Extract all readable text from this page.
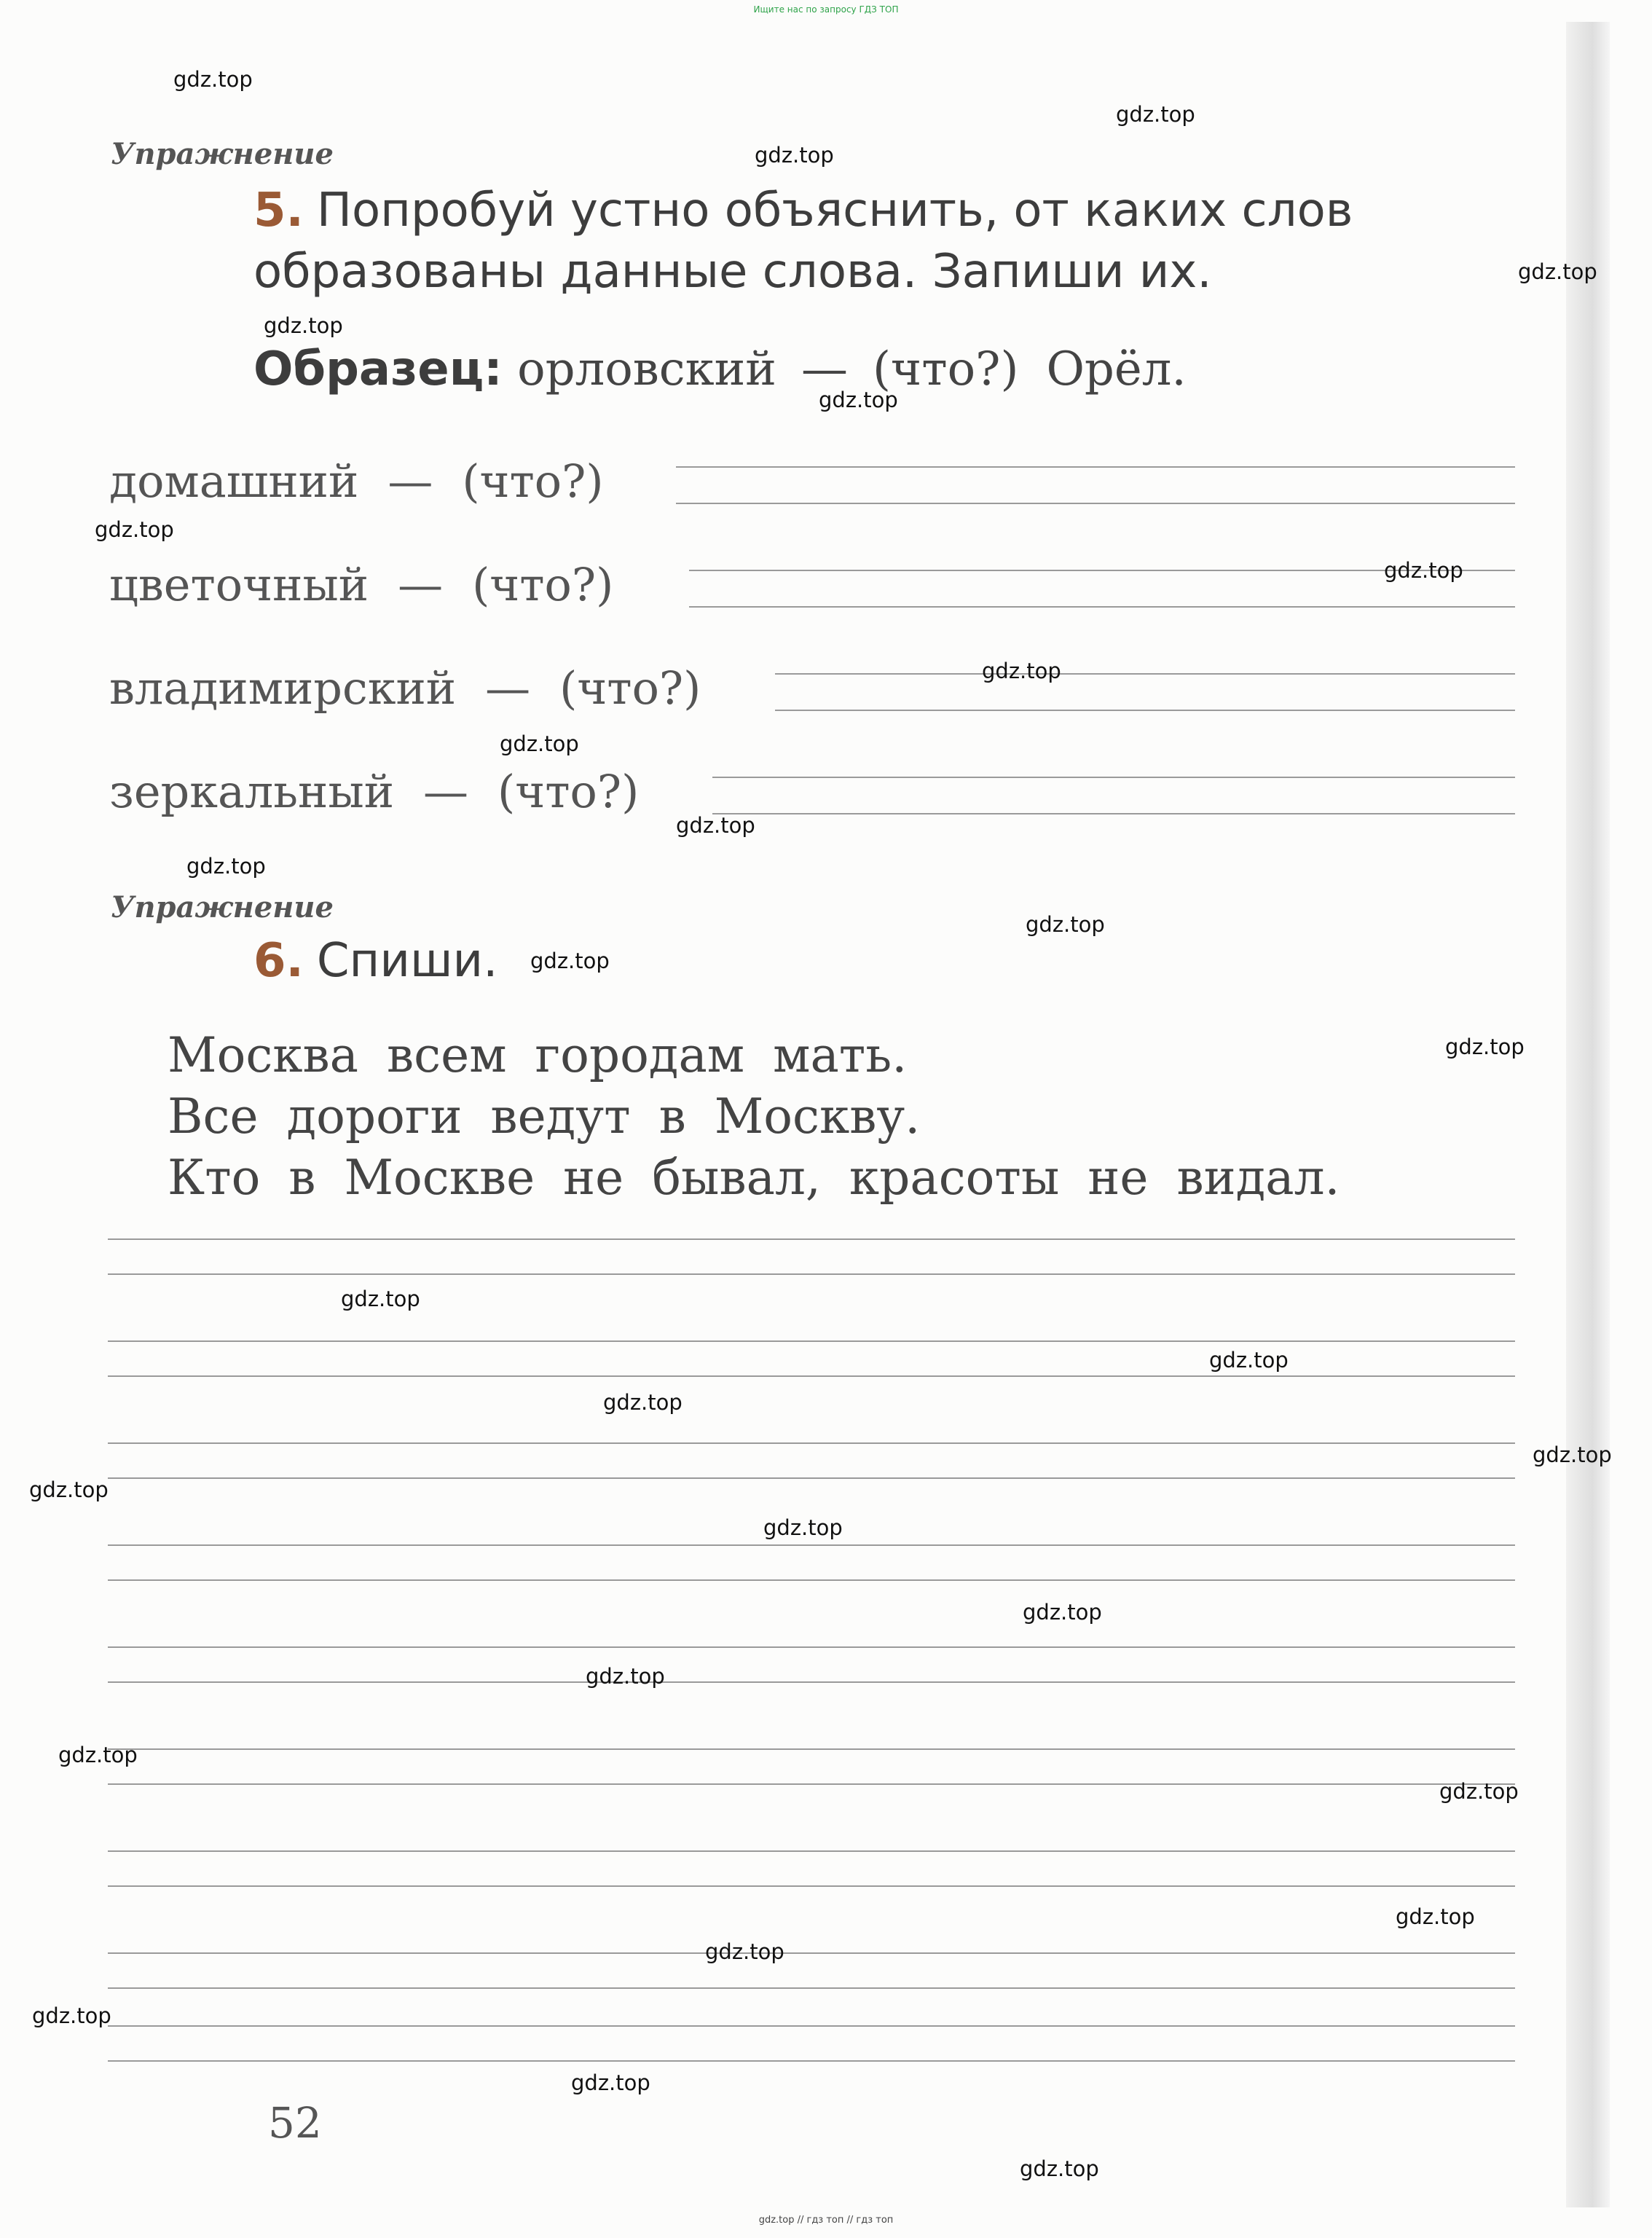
Ищите нас по запросу ГДЗ ТОП
Упражнение
5. Попробуй устно объяснить, от каких слов
образованы данные слова. Запиши их.
Образец: орловский — (что?) Орёл.
домашний — (что?)
цветочный — (что?)
владимирский — (что?)
зеркальный — (что?)
Упражнение
6. Спиши.
Москва всем городам мать.
Все дороги ведут в Москву.
Кто в Москве не бывал, красоты не видал.
52
gdz.top
gdz.top
gdz.top
gdz.top
gdz.top
gdz.top
gdz.top
gdz.top
gdz.top
gdz.top
gdz.top
gdz.top
gdz.top
gdz.top
gdz.top
gdz.top
gdz.top
gdz.top
gdz.top
gdz.top
gdz.top
gdz.top
gdz.top
gdz.top
gdz.top
gdz.top
gdz.top
gdz.top
gdz.top
gdz.top
gdz.top // гдз топ // гдз топ
